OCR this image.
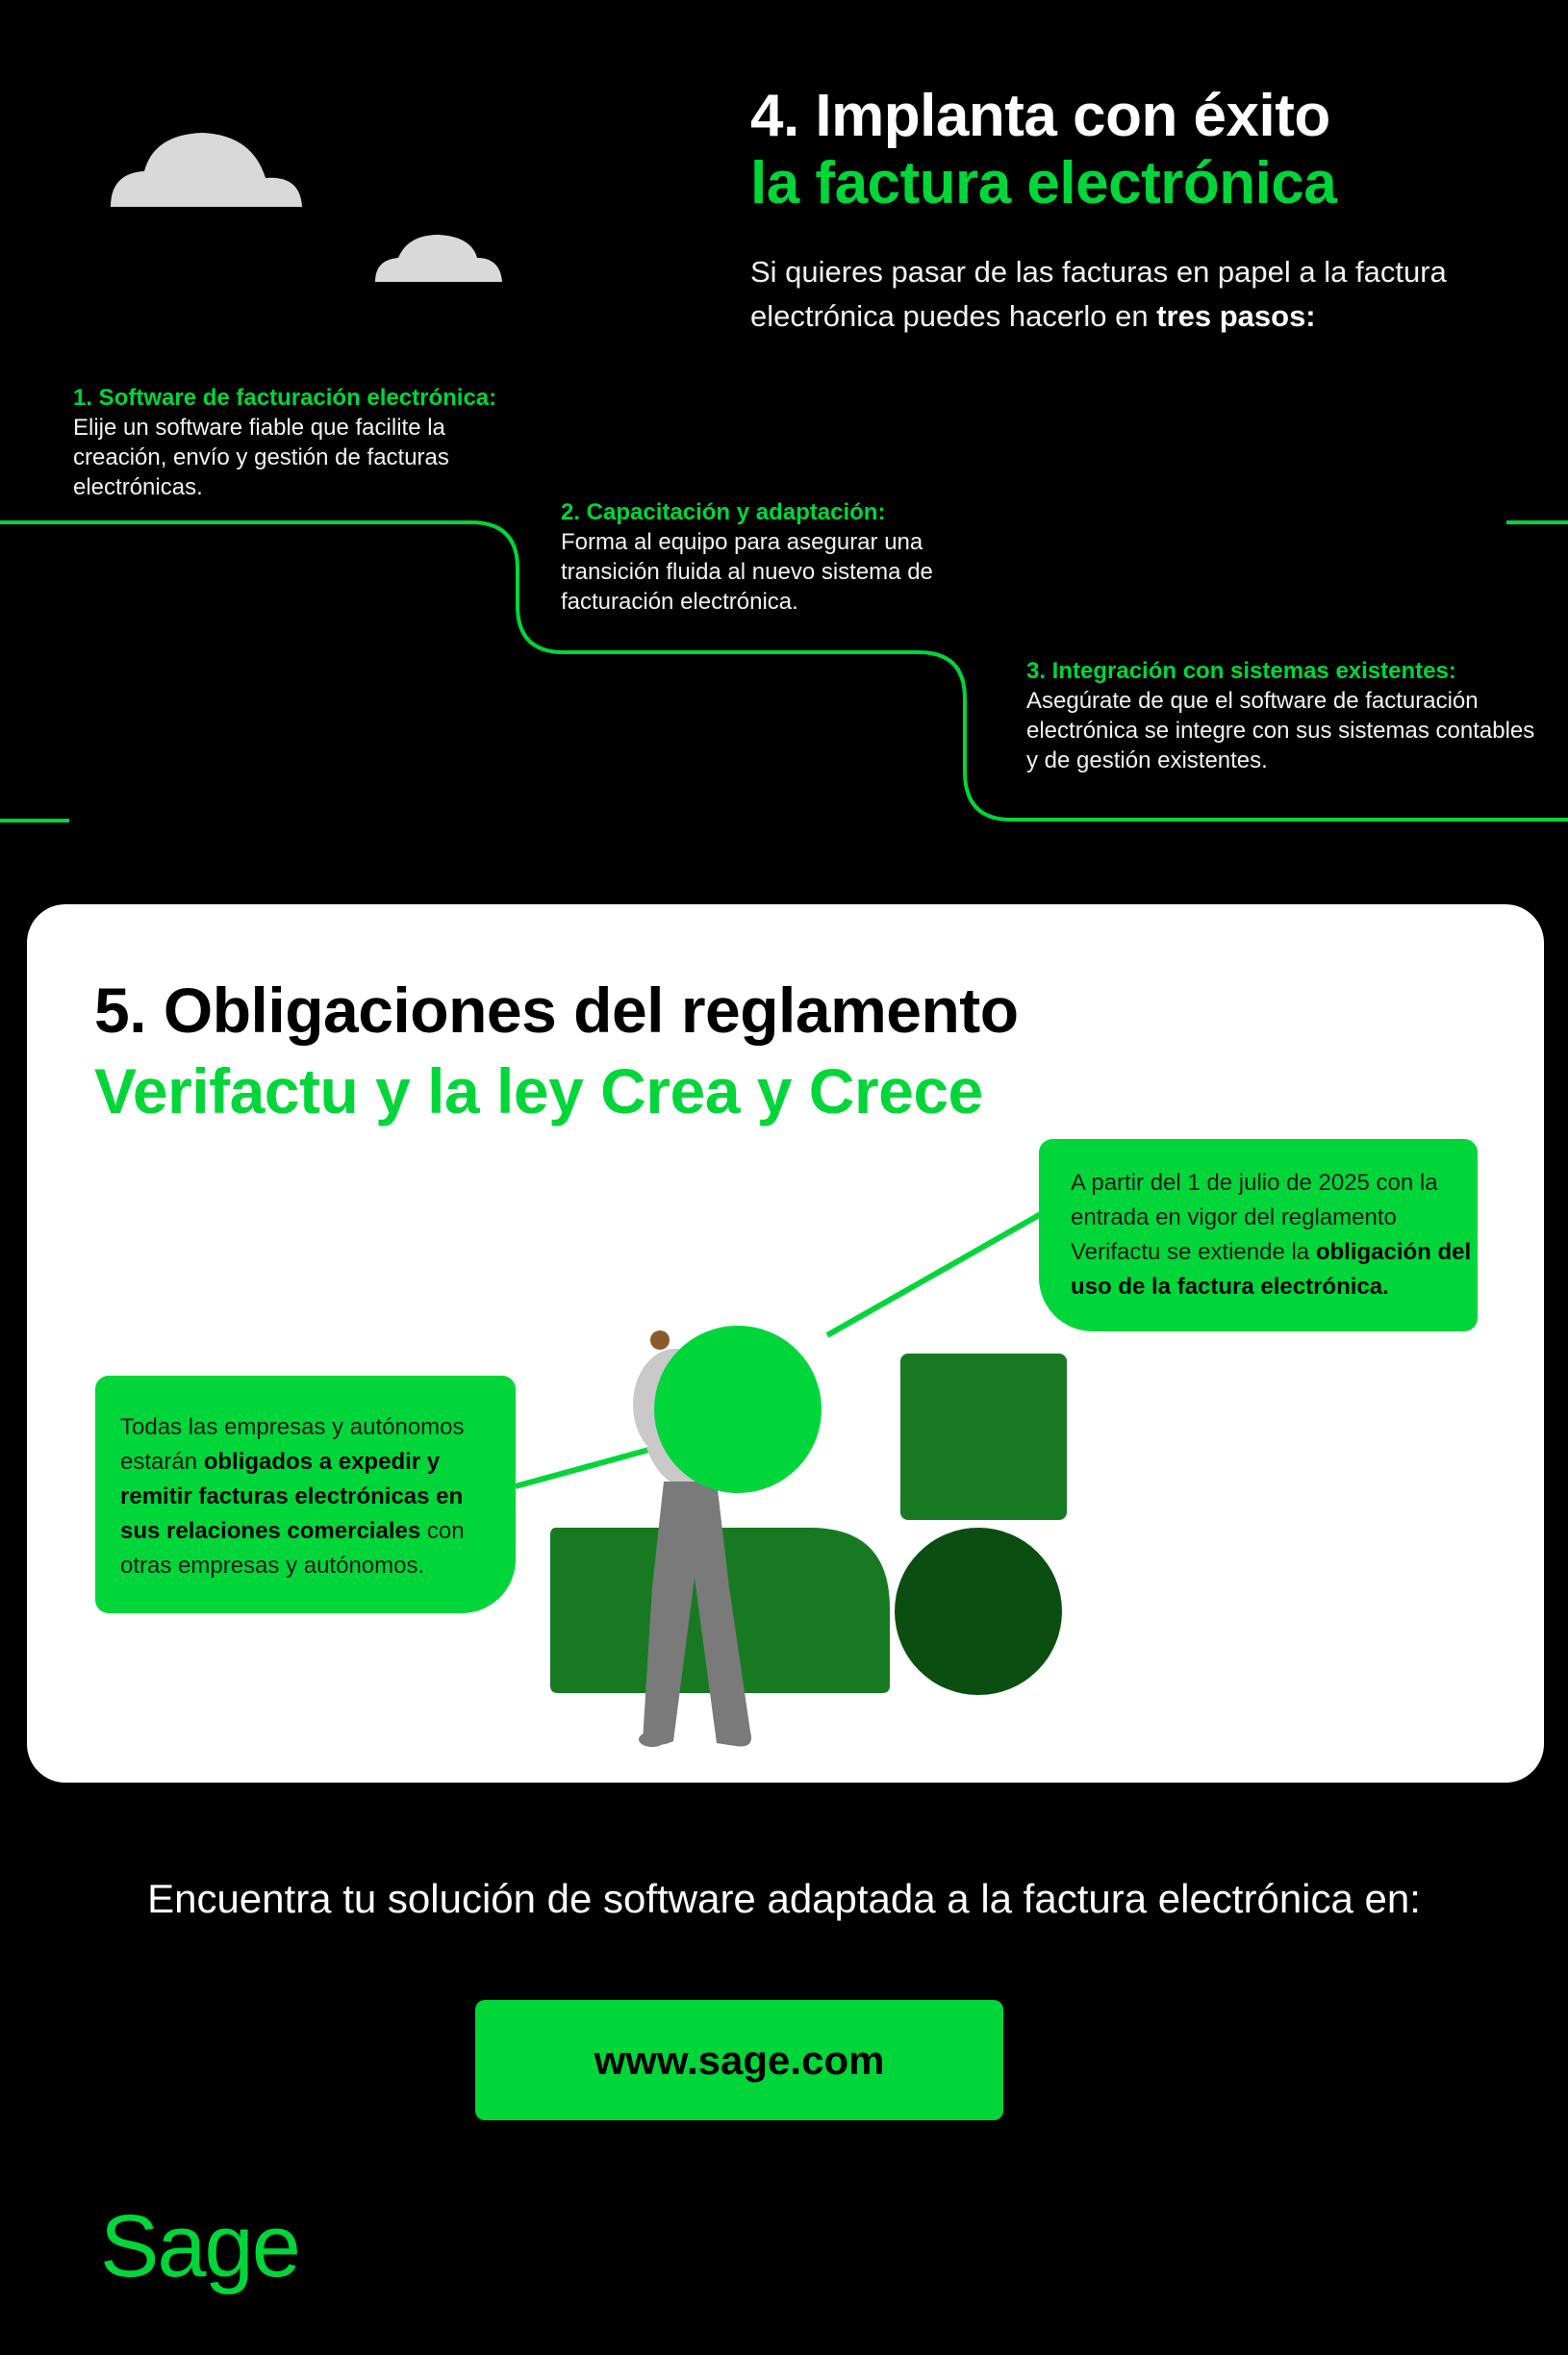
4. Implanta con éxito
la factura electrónica
Si quieres pasar de las facturas en papel a la factura electrónica puedes hacerlo en tres pasos:
1. Software de facturación electrónica:
Elije un software fiable que facilite la creación, envío y gestión de facturas electrónicas.
2. Capacitación y adaptación:
Forma al equipo para asegurar una transición fluida al nuevo sistema de facturación electrónica.
3. Integración con sistemas existentes:
Asegúrate de que el software de facturación electrónica se integre con sus sistemas contables y de gestión existentes.
5. Obligaciones del reglamento
Verifactu y la ley Crea y Crece
A partir del 1 de julio de 2025 con la entrada en vigor del reglamento Verifactu se extiende la obligación del uso de la factura electrónica.
Todas las empresas y autónomos estarán obligados a expedir y remitir facturas electrónicas en sus relaciones comerciales con otras empresas y autónomos.
Encuentra tu solución de software adaptada a la factura electrónica en:
www.sage.com
Sage
